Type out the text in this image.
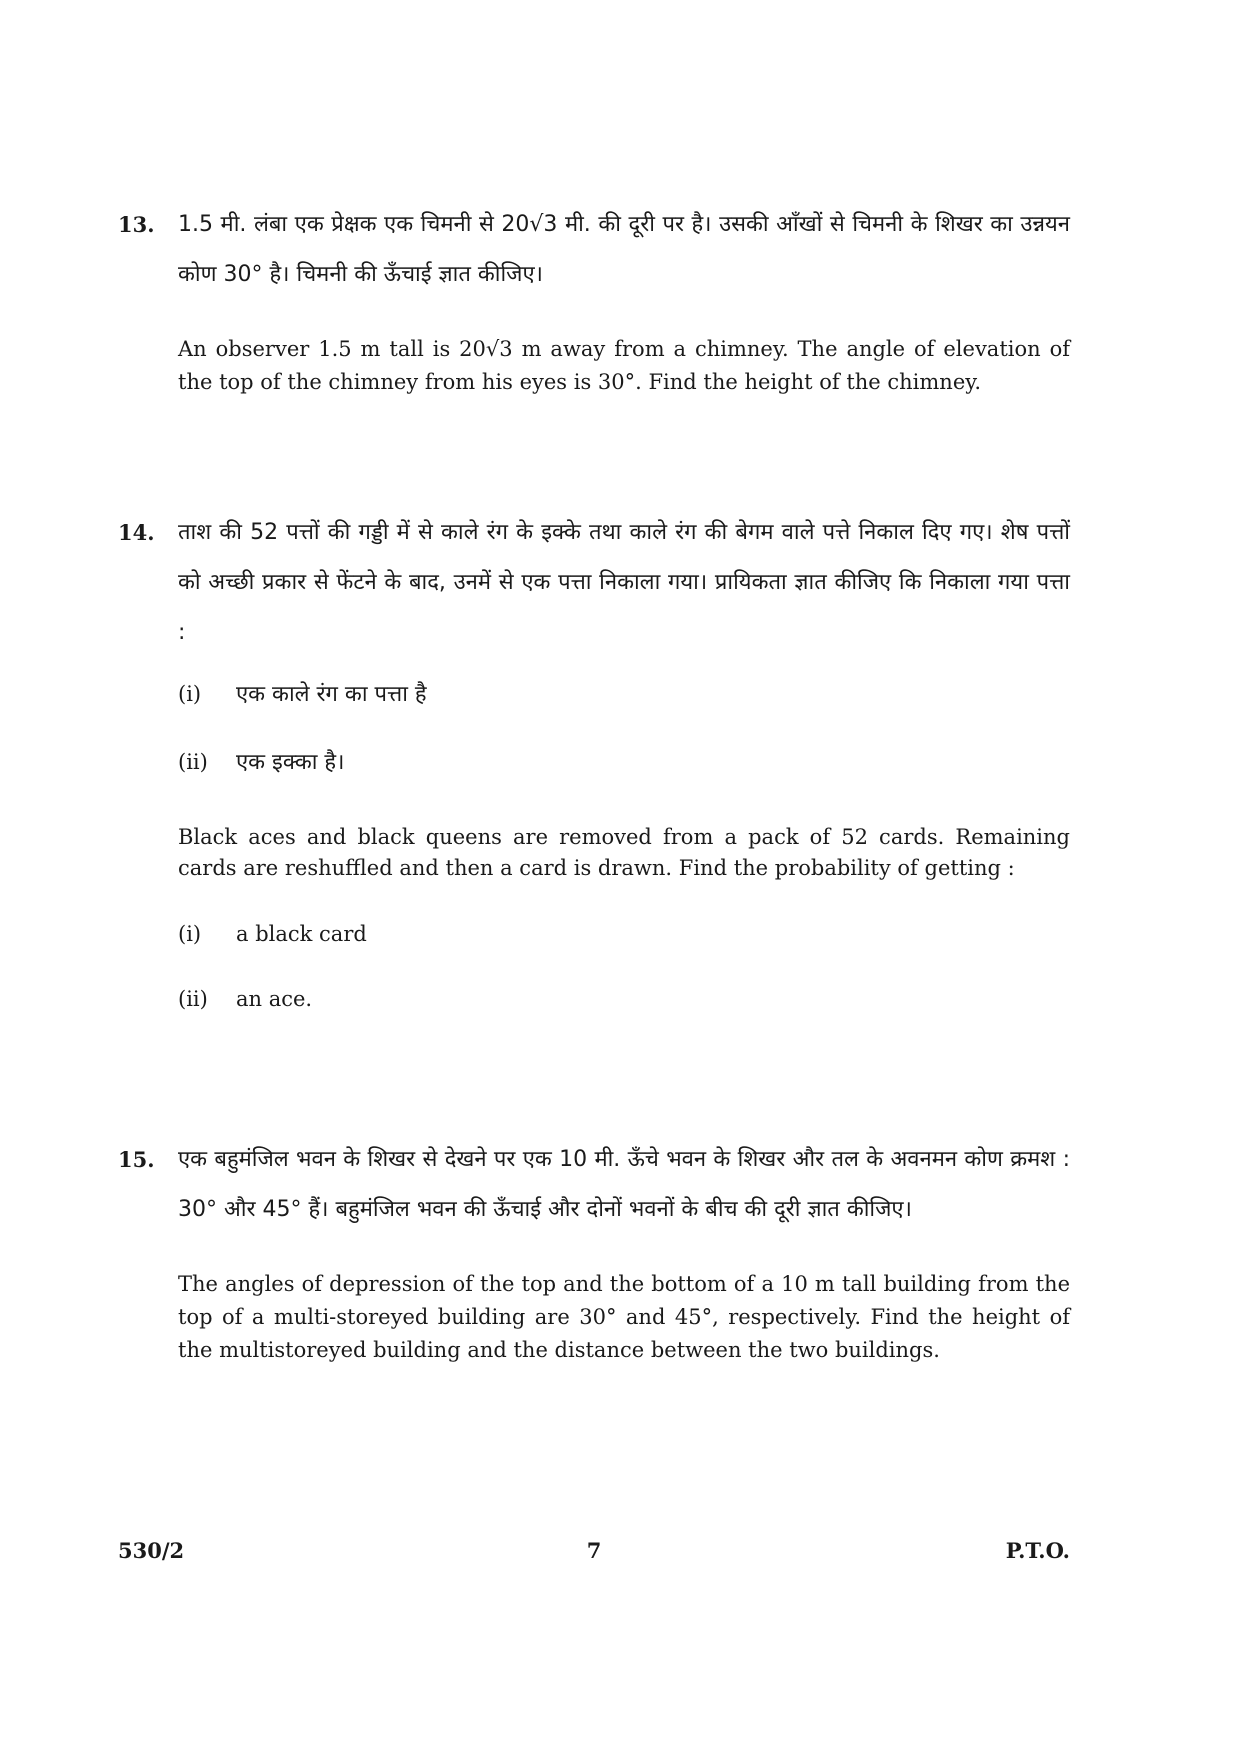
13.	1.5 मी. लंबा एक प्रेक्षक एक चिमनी से 20√3 मी. की दूरी पर है। उसकी आँखों से चिमनी के शिखर का उन्नयन कोण 30° है। चिमनी की ऊँचाई ज्ञात कीजिए।

An observer 1.5 m tall is 20√3 m away from a chimney. The angle of elevation of the top of the chimney from his eyes is 30°. Find the height of the chimney.

14.	ताश की 52 पत्तों की गड्डी में से काले रंग के इक्के तथा काले रंग की बेगम वाले पत्ते निकाल दिए गए। शेष पत्तों को अच्छी प्रकार से फेंटने के बाद, उनमें से एक पत्ता निकाला गया। प्रायिकता ज्ञात कीजिए कि निकाला गया पत्ता :

(i)	एक काले रंग का पत्ता है
(ii)	एक इक्का है।

Black aces and black queens are removed from a pack of 52 cards. Remaining cards are reshuffled and then a card is drawn. Find the probability of getting :

(i)	a black card
(ii)	an ace.
15.	एक बहुमंजिल भवन के शिखर से देखने पर एक 10 मी. ऊँचे भवन के शिखर और तल के अवनमन कोण क्रमश : 30° और 45° हैं। बहुमंजिल भवन की ऊँचाई और दोनों भवनों के बीच की दूरी ज्ञात कीजिए।

The angles of depression of the top and the bottom of a 10 m tall building from the top of a multi-storeyed building are 30° and 45°, respectively. Find the height of the multistoreyed building and the distance between the two buildings.

530/2	7	P.T.O.
